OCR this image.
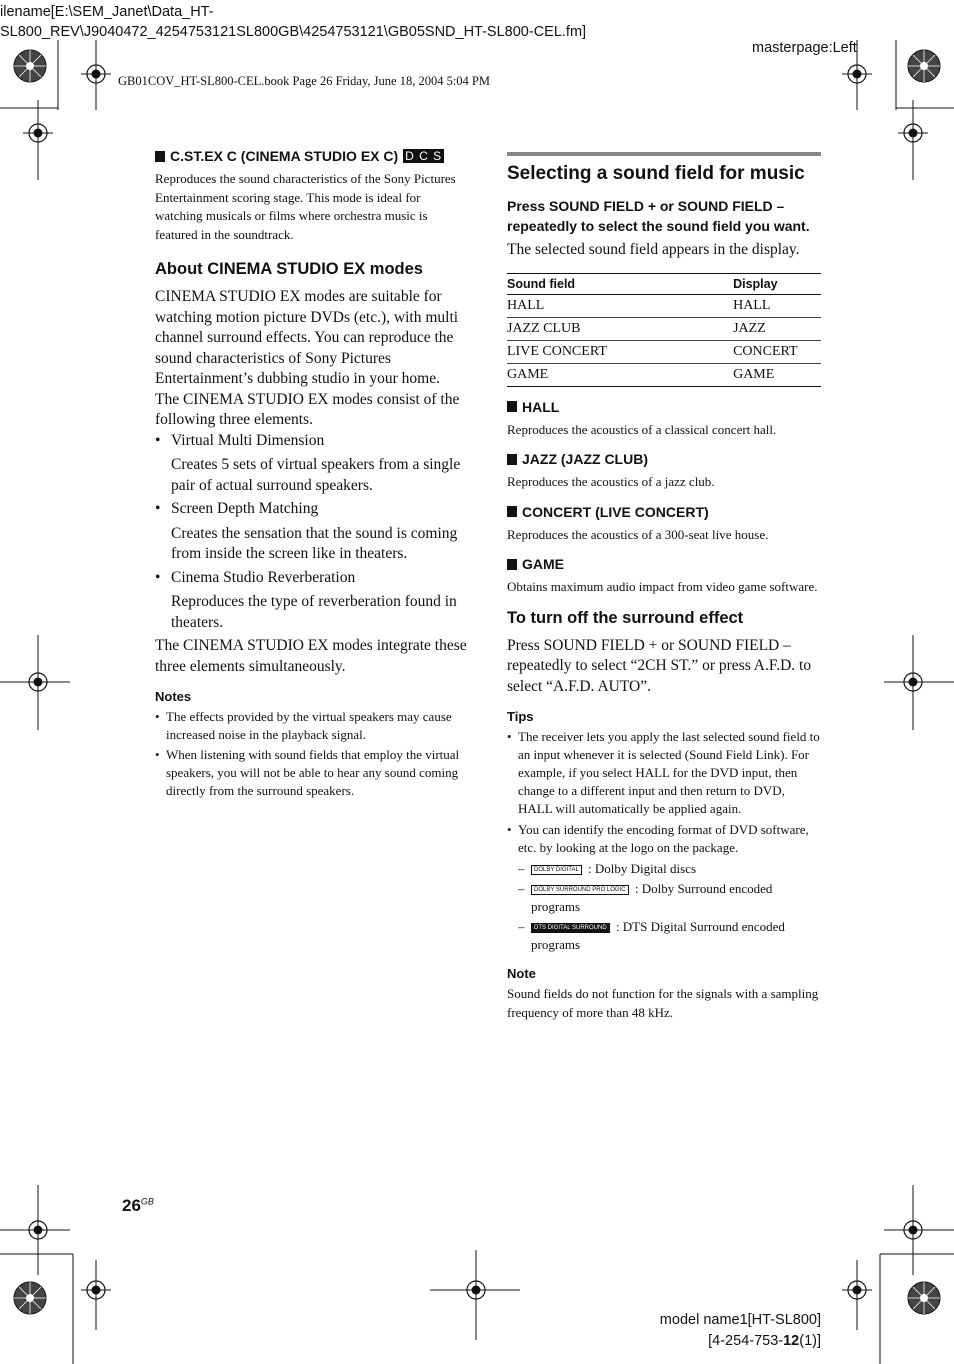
ilename[E:\SEM_Janet\Data_HT-
SL800_REV\J9040472_4254753121SL800GB\4254753121\GB05SND_HT-SL800-CEL.fm]
masterpage:Left
GB01COV_HT-SL800-CEL.book Page 26 Friday, June 18, 2004 5:04 PM
C.ST.EX C (CINEMA STUDIO EX C) D C S

Reproduces the sound characteristics of the Sony Pictures Entertainment scoring stage. This mode is ideal for watching musicals or films where orchestra music is featured in the soundtrack.

About CINEMA STUDIO EX modes

CINEMA STUDIO EX modes are suitable for watching motion picture DVDs (etc.), with multi channel surround effects. You can reproduce the sound characteristics of Sony Pictures Entertainment’s dubbing studio in your home.

The CINEMA STUDIO EX modes consist of the following three elements.

• Virtual Multi Dimension
Creates 5 sets of virtual speakers from a single pair of actual surround speakers.
• Screen Depth Matching
Creates the sensation that the sound is coming from inside the screen like in theaters.
• Cinema Studio Reverberation
Reproduces the type of reverberation found in theaters.

The CINEMA STUDIO EX modes integrate these three elements simultaneously.

Notes
• The effects provided by the virtual speakers may cause increased noise in the playback signal.
• When listening with sound fields that employ the virtual speakers, you will not be able to hear any sound coming directly from the surround speakers.
Selecting a sound field for music

Press SOUND FIELD + or SOUND FIELD – repeatedly to select the sound field you want.

The selected sound field appears in the display.

Sound field	Display
HALL	HALL
JAZZ CLUB	JAZZ
LIVE CONCERT	CONCERT
GAME	GAME
HALL

Reproduces the acoustics of a classical concert hall.

JAZZ (JAZZ CLUB)

Reproduces the acoustics of a jazz club.

CONCERT (LIVE CONCERT)

Reproduces the acoustics of a 300-seat live house.

GAME

Obtains maximum audio impact from video game software.

To turn off the surround effect

Press SOUND FIELD + or SOUND FIELD – repeatedly to select “2CH ST.” or press A.F.D. to select “A.F.D. AUTO”.

Tips
• The receiver lets you apply the last selected sound field to an input whenever it is selected (Sound Field Link). For example, if you select HALL for the DVD input, then change to a different input and then return to DVD, HALL will automatically be applied again.
• You can identify the encoding format of DVD software, etc. by looking at the logo on the package.
– DOLBY DIGITAL : Dolby Digital discs
– DOLBY SURROUND PRO LOGIC : Dolby Surround encoded programs
– DTS DIGITAL SURROUND : DTS Digital Surround encoded programs
Note

Sound fields do not function for the signals with a sampling frequency of more than 48 kHz.

$26^{GB}$
model name1[HT-SL800]
[4-254-753-12(1)]
